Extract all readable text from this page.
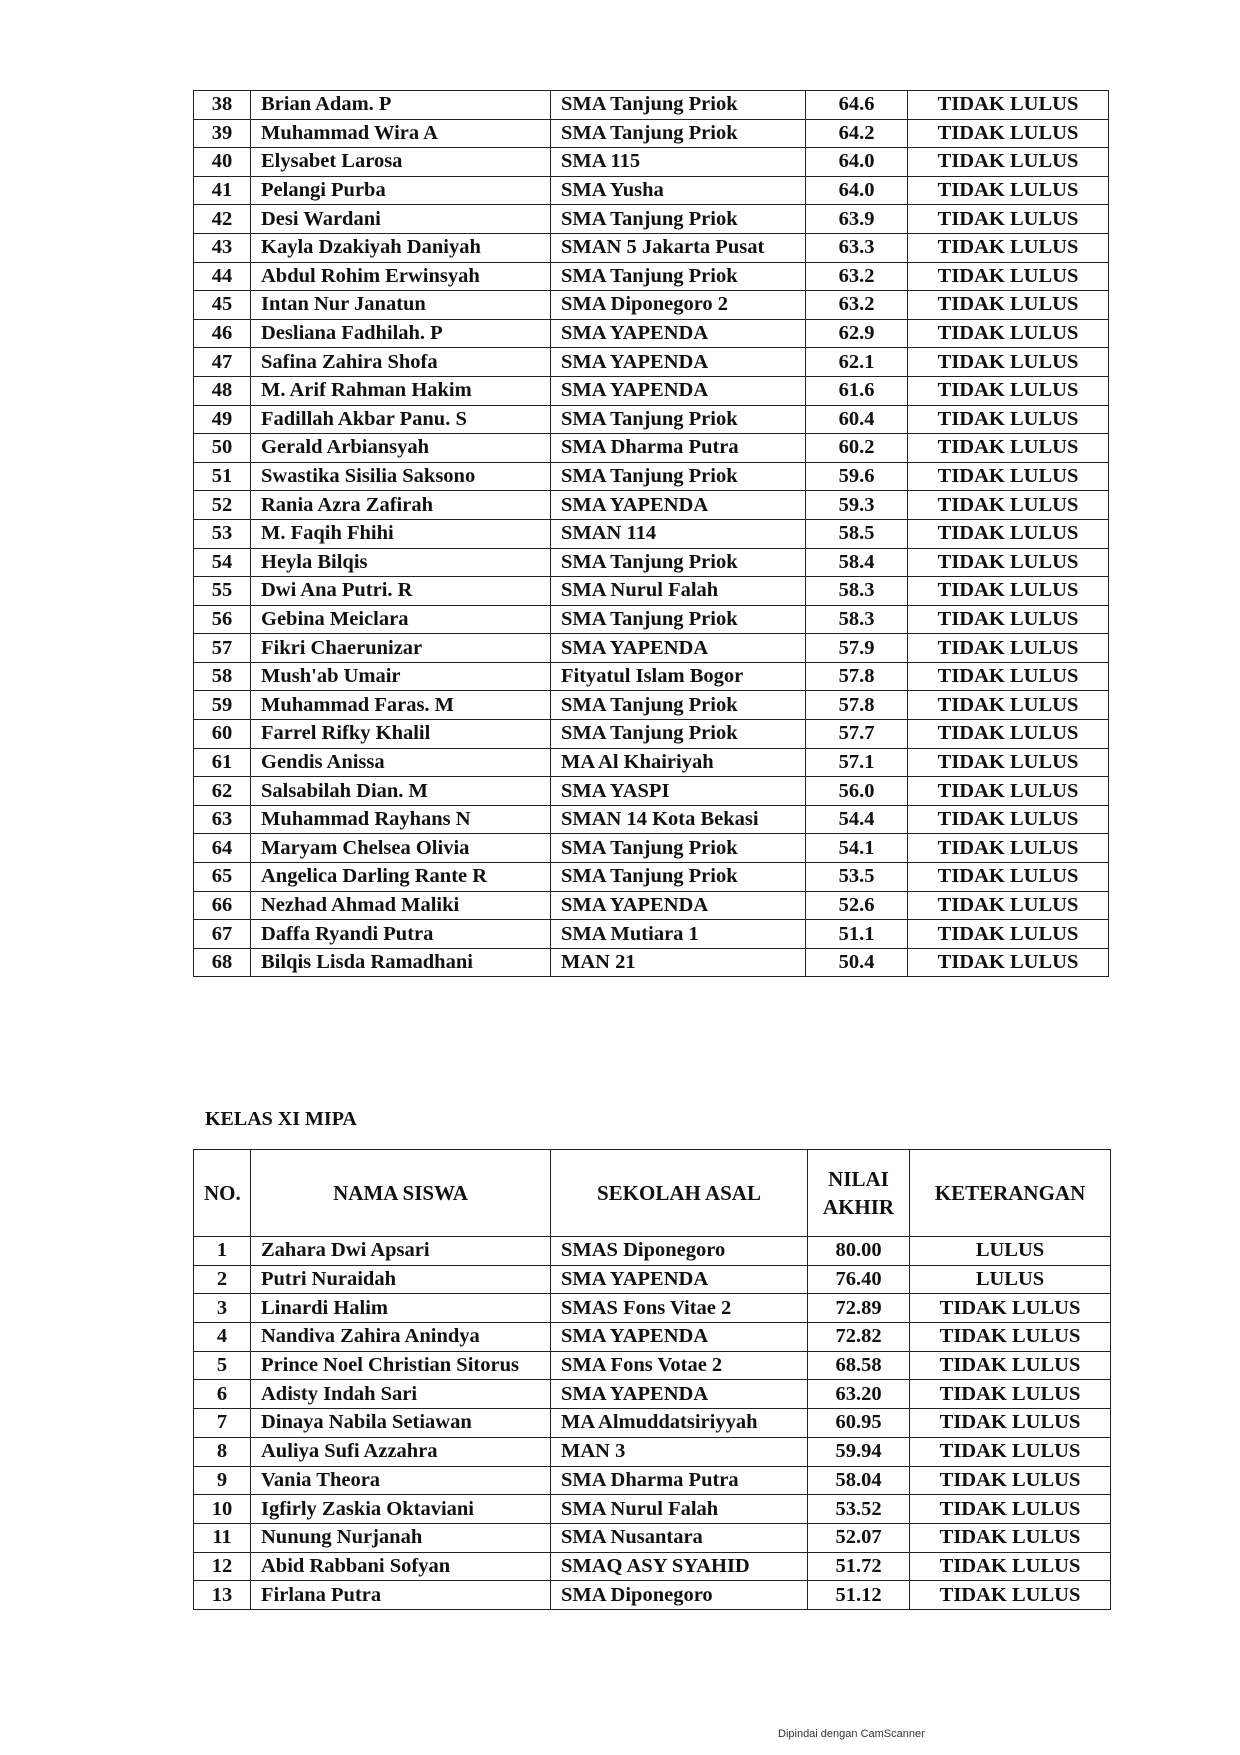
38	Brian Adam. P	SMA Tanjung Priok	64.6	TIDAK LULUS
39	Muhammad Wira A	SMA Tanjung Priok	64.2	TIDAK LULUS
40	Elysabet Larosa	SMA 115	64.0	TIDAK LULUS
41	Pelangi Purba	SMA Yusha	64.0	TIDAK LULUS
42	Desi Wardani	SMA Tanjung Priok	63.9	TIDAK LULUS
43	Kayla Dzakiyah Daniyah	SMAN 5 Jakarta Pusat	63.3	TIDAK LULUS
44	Abdul Rohim Erwinsyah	SMA Tanjung Priok	63.2	TIDAK LULUS
45	Intan Nur Janatun	SMA Diponegoro 2	63.2	TIDAK LULUS
46	Desliana Fadhilah. P	SMA YAPENDA	62.9	TIDAK LULUS
47	Safina Zahira Shofa	SMA YAPENDA	62.1	TIDAK LULUS
48	M. Arif Rahman Hakim	SMA YAPENDA	61.6	TIDAK LULUS
49	Fadillah Akbar Panu. S	SMA Tanjung Priok	60.4	TIDAK LULUS
50	Gerald Arbiansyah	SMA Dharma Putra	60.2	TIDAK LULUS
51	Swastika Sisilia Saksono	SMA Tanjung Priok	59.6	TIDAK LULUS
52	Rania Azra Zafirah	SMA YAPENDA	59.3	TIDAK LULUS
53	M. Faqih Fhihi	SMAN 114	58.5	TIDAK LULUS
54	Heyla Bilqis	SMA Tanjung Priok	58.4	TIDAK LULUS
55	Dwi Ana Putri. R	SMA Nurul Falah	58.3	TIDAK LULUS
56	Gebina Meiclara	SMA Tanjung Priok	58.3	TIDAK LULUS
57	Fikri Chaerunizar	SMA YAPENDA	57.9	TIDAK LULUS
58	Mush'ab Umair	Fityatul Islam Bogor	57.8	TIDAK LULUS
59	Muhammad Faras. M	SMA Tanjung Priok	57.8	TIDAK LULUS
60	Farrel Rifky Khalil	SMA Tanjung Priok	57.7	TIDAK LULUS
61	Gendis Anissa	MA Al Khairiyah	57.1	TIDAK LULUS
62	Salsabilah Dian. M	SMA YASPI	56.0	TIDAK LULUS
63	Muhammad Rayhans N	SMAN 14 Kota Bekasi	54.4	TIDAK LULUS
64	Maryam Chelsea Olivia	SMA Tanjung Priok	54.1	TIDAK LULUS
65	Angelica Darling Rante R	SMA Tanjung Priok	53.5	TIDAK LULUS
66	Nezhad Ahmad Maliki	SMA YAPENDA	52.6	TIDAK LULUS
67	Daffa Ryandi Putra	SMA Mutiara 1	51.1	TIDAK LULUS
68	Bilqis Lisda Ramadhani	MAN 21	50.4	TIDAK LULUS
KELAS XI MIPA
NO.	NAMA SISWA	SEKOLAH ASAL	NILAI AKHIR	KETERANGAN
1	Zahara Dwi Apsari	SMAS Diponegoro	80.00	LULUS
2	Putri Nuraidah	SMA YAPENDA	76.40	LULUS
3	Linardi Halim	SMAS Fons Vitae 2	72.89	TIDAK LULUS
4	Nandiva Zahira Anindya	SMA YAPENDA	72.82	TIDAK LULUS
5	Prince Noel Christian Sitorus	SMA Fons Votae 2	68.58	TIDAK LULUS
6	Adisty Indah Sari	SMA YAPENDA	63.20	TIDAK LULUS
7	Dinaya Nabila Setiawan	MA Almuddatsiriyyah	60.95	TIDAK LULUS
8	Auliya Sufi Azzahra	MAN 3	59.94	TIDAK LULUS
9	Vania Theora	SMA Dharma Putra	58.04	TIDAK LULUS
10	Igfirly Zaskia Oktaviani	SMA Nurul Falah	53.52	TIDAK LULUS
11	Nunung Nurjanah	SMA Nusantara	52.07	TIDAK LULUS
12	Abid Rabbani Sofyan	SMAQ ASY SYAHID	51.72	TIDAK LULUS
13	Firlana Putra	SMA Diponegoro	51.12	TIDAK LULUS
Dipindai dengan CamScanner
